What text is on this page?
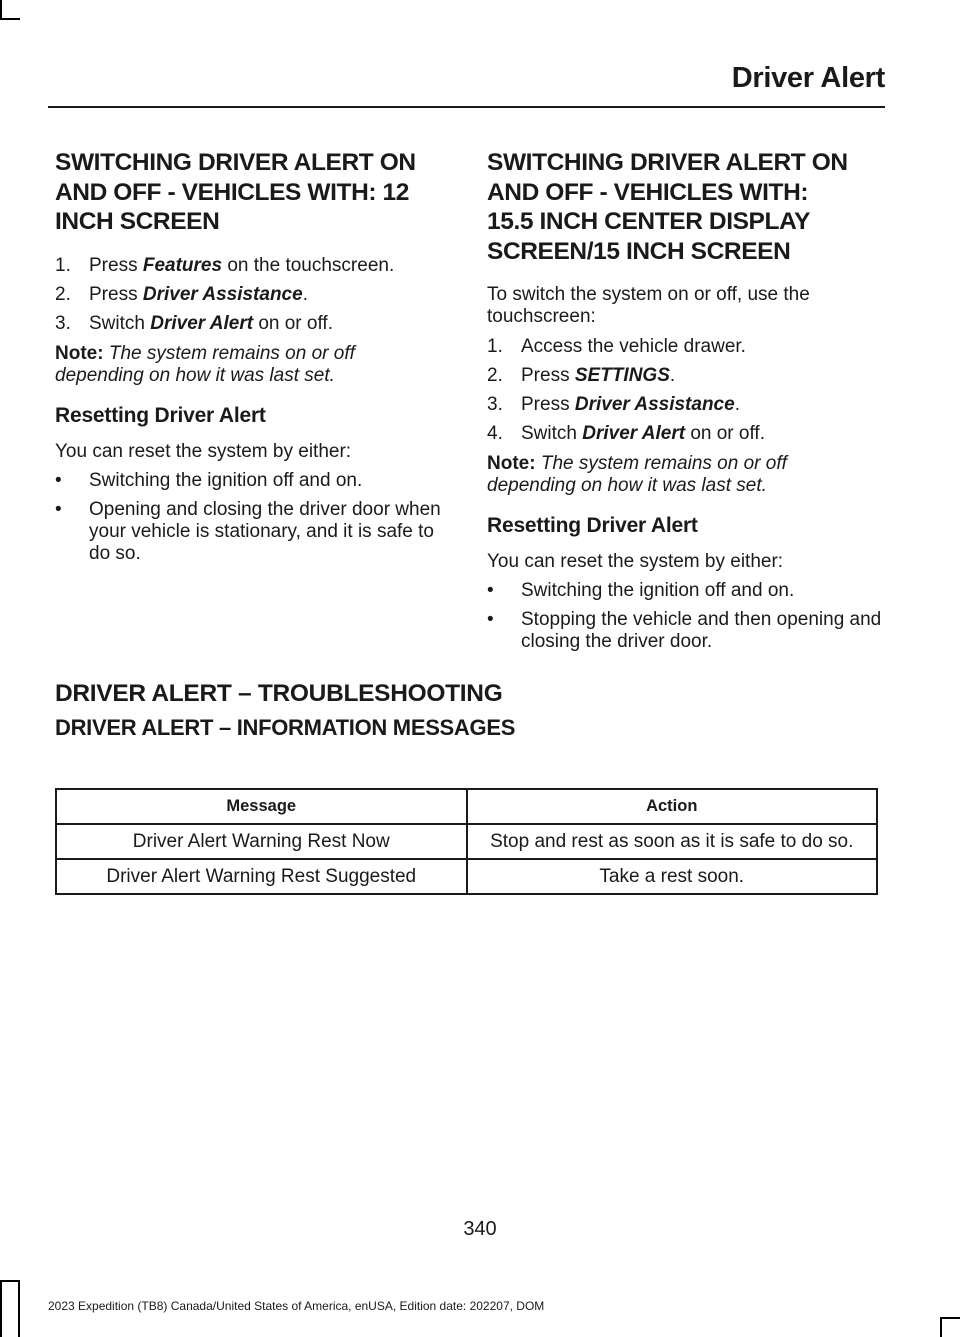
Driver Alert
SWITCHING DRIVER ALERT ON
AND OFF - VEHICLES WITH: 12
INCH SCREEN
1. Press Features on the touchscreen.
2. Press Driver Assistance.
3. Switch Driver Alert on or off.

Note: The system remains on or off depending on how it was last set.

Resetting Driver Alert

You can reset the system by either:

•	Switching the ignition off and on.
•	Opening and closing the driver door when your vehicle is stationary, and it is safe to do so.
SWITCHING DRIVER ALERT ON
AND OFF - VEHICLES WITH:
15.5 INCH CENTER DISPLAY
SCREEN/15 INCH SCREEN

To switch the system on or off, use the touchscreen:

1. Access the vehicle drawer.
2. Press SETTINGS.
3. Press Driver Assistance.
4. Switch Driver Alert on or off.

Note: The system remains on or off depending on how it was last set.

Resetting Driver Alert

You can reset the system by either:

•	Switching the ignition off and on.
•	Stopping the vehicle and then opening and closing the driver door.
DRIVER ALERT – TROUBLESHOOTING
DRIVER ALERT – INFORMATION MESSAGES
Message	Action
Driver Alert Warning Rest Now	Stop and rest as soon as it is safe to do so.
Driver Alert Warning Rest Suggested	Take a rest soon.
340
2023 Expedition (TB8) Canada/United States of America, enUSA, Edition date: 202207, DOM
